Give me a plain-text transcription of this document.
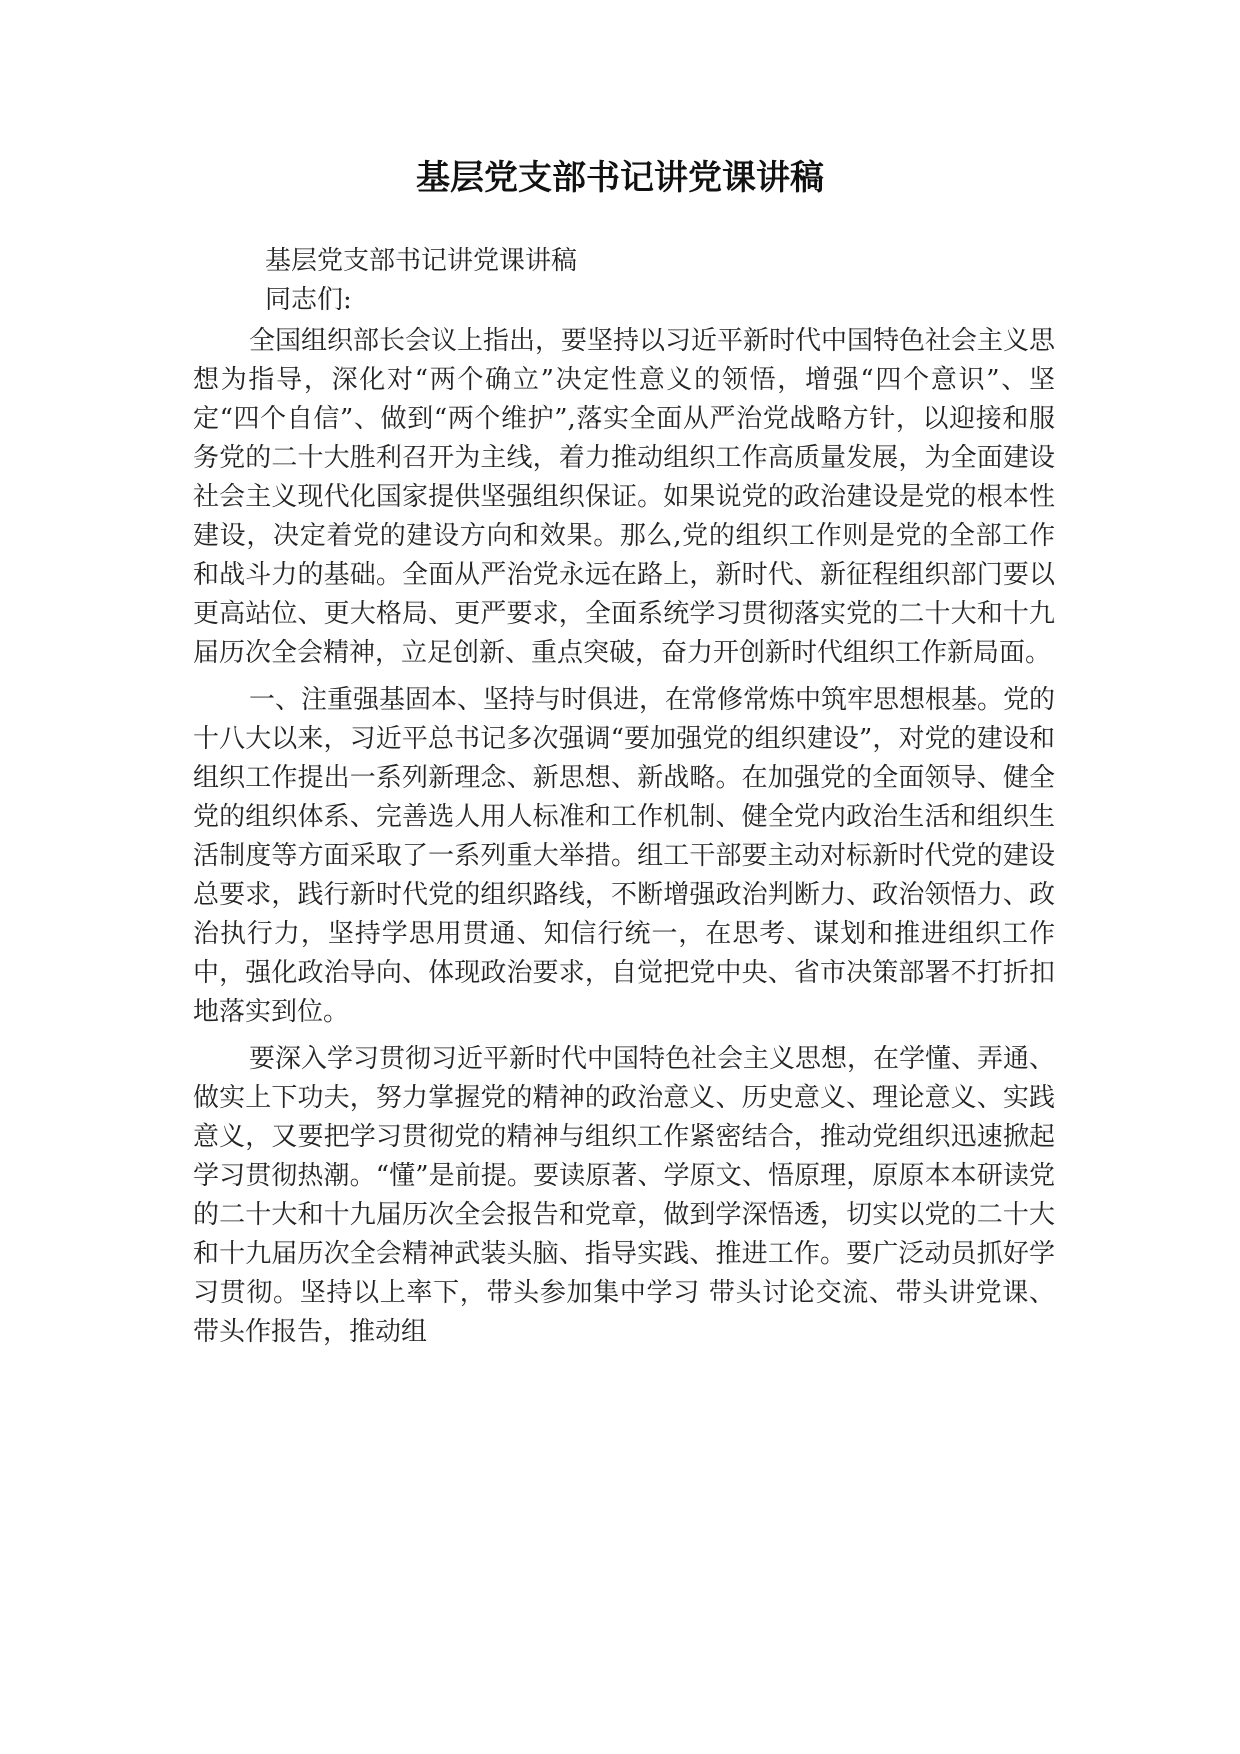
基层党支部书记讲党课讲稿

基层党支部书记讲党课讲稿

同志们:

全国组织部长会议上指出，要坚持以习近平新时代中国特色社会主义思想为指导，深化对“两个确立”决定性意义的领悟，增强“四个意识”、坚定“四个自信”、做到“两个维护”,落实全面从严治党战略方针，以迎接和服务党的二十大胜利召开为主线，着力推动组织工作高质量发展，为全面建设社会主义现代化国家提供坚强组织保证。如果说党的政治建设是党的根本性建设，决定着党的建设方向和效果。那么,党的组织工作则是党的全部工作和战斗力的基础。全面从严治党永远在路上，新时代、新征程组织部门要以更高站位、更大格局、更严要求，全面系统学习贯彻落实党的二十大和十九届历次全会精神，立足创新、重点突破，奋力开创新时代组织工作新局面。

一、注重强基固本、坚持与时俱进，在常修常炼中筑牢思想根基。党的十八大以来，习近平总书记多次强调“要加强党的组织建设”，对党的建设和组织工作提出一系列新理念、新思想、新战略。在加强党的全面领导、健全党的组织体系、完善选人用人标准和工作机制、健全党内政治生活和组织生活制度等方面采取了一系列重大举措。组工干部要主动对标新时代党的建设总要求，践行新时代党的组织路线，不断增强政治判断力、政治领悟力、政治执行力，坚持学思用贯通、知信行统一，在思考、谋划和推进组织工作中，强化政治导向、体现政治要求，自觉把党中央、省市决策部署不打折扣地落实到位。

要深入学习贯彻习近平新时代中国特色社会主义思想，在学懂、弄通、做实上下功夫，努力掌握党的精神的政治意义、历史意义、理论意义、实践意义，又要把学习贯彻党的精神与组织工作紧密结合，推动党组织迅速掀起学习贯彻热潮。“懂”是前提。要读原著、学原文、悟原理，原原本本研读党的二十大和十九届历次全会报告和党章，做到学深悟透，切实以党的二十大和十九届历次全会精神武装头脑、指导实践、推进工作。要广泛动员抓好学习贯彻。坚持以上率下，带头参加集中学习 带头讨论交流、带头讲党课、带头作报告，推动组
